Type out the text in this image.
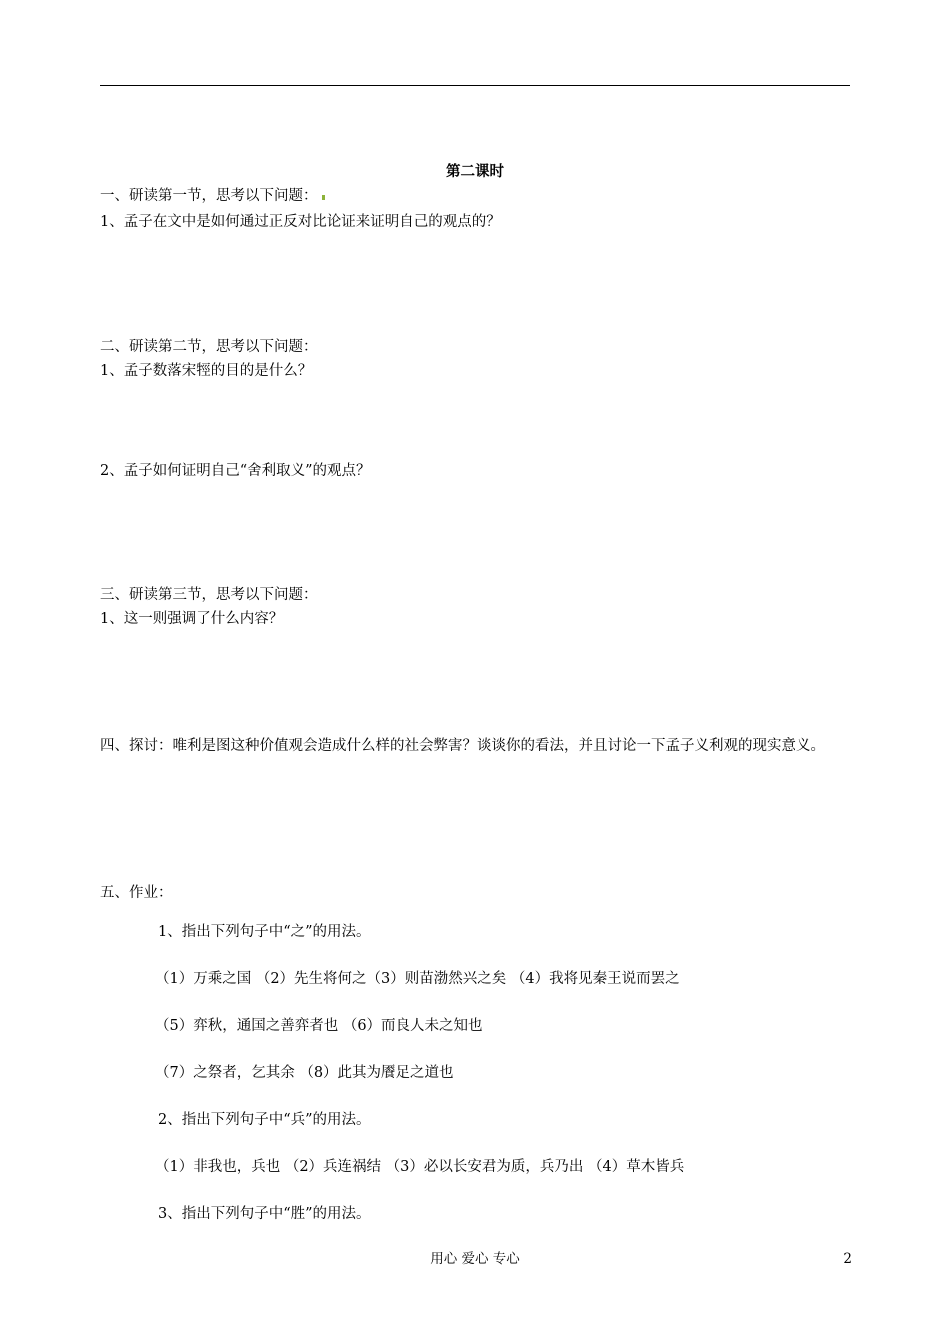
第二课时
一、研读第一节，思考以下问题：
1、孟子在文中是如何通过正反对比论证来证明自己的观点的？
二、研读第二节，思考以下问题：
1、孟子数落宋牼的目的是什么？
2、孟子如何证明自己“舍利取义”的观点？
三、研读第三节，思考以下问题：
1、这一则强调了什么内容？
四、探讨：唯利是图这种价值观会造成什么样的社会弊害？谈谈你的看法，并且讨论一下孟子义利观的现实意义。
五、作业：
1、指出下列句子中“之”的用法。
（1）万乘之国 （2）先生将何之（3）则苗渤然兴之矣 （4）我将见秦王说而罢之
（5）弈秋，通国之善弈者也 （6）而良人未之知也
（7）之祭者，乞其余 （8）此其为餍足之道也
2、指出下列句子中“兵”的用法。
（1）非我也，兵也 （2）兵连祸结 （3）必以长安君为质，兵乃出 （4）草木皆兵
3、指出下列句子中“胜”的用法。
用心 爱心 专心	2
